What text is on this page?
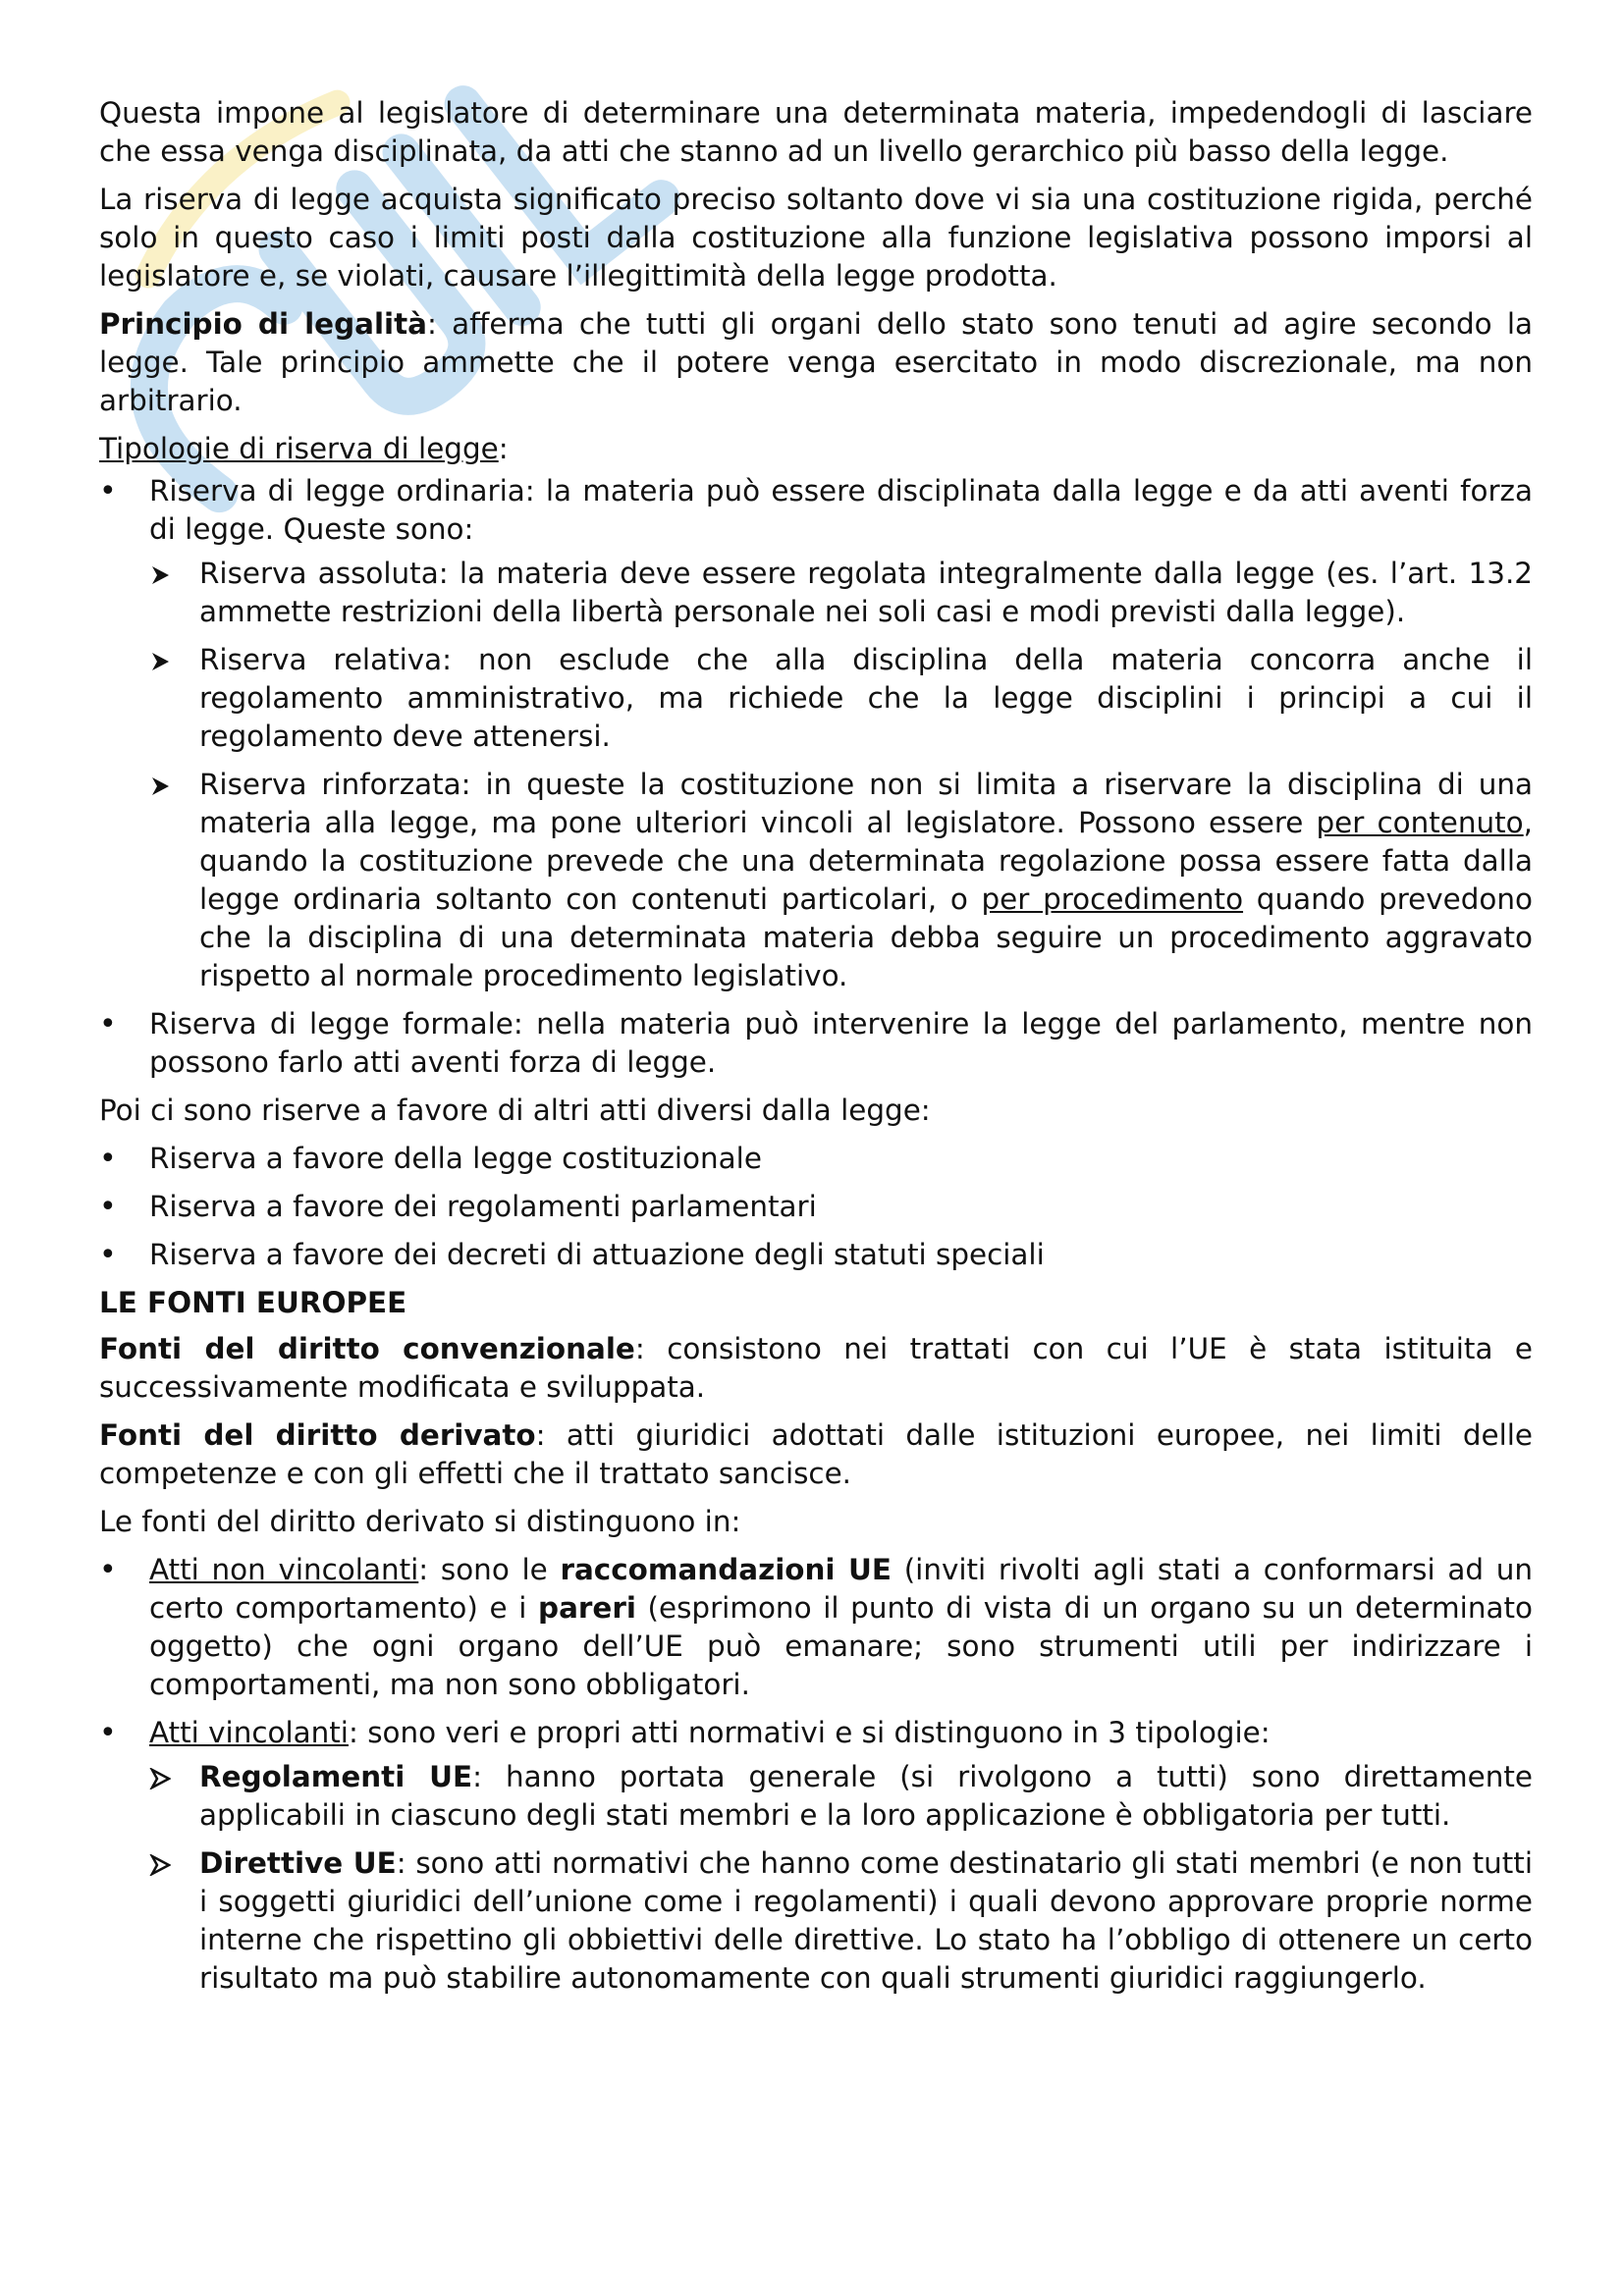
Questa impone al legislatore di determinare una determinata materia, impedendogli di lasciare che essa venga disciplinata, da atti che stanno ad un livello gerarchico più basso della legge.

La riserva di legge acquista significato preciso soltanto dove vi sia una costituzione rigida, perché solo in questo caso i limiti posti dalla costituzione alla funzione legislativa possono imporsi al legislatore e, se violati, causare l’illegittimità della legge prodotta.

Principio di legalità: afferma che tutti gli organi dello stato sono tenuti ad agire secondo la legge. Tale principio ammette che il potere venga esercitato in modo discrezionale, ma non arbitrario.

Tipologie di riserva di legge:

•	Riserva di legge ordinaria: la materia può essere disciplinata dalla legge e da atti aventi forza di legge. Queste sono:
Riserva assoluta: la materia deve essere regolata integralmente dalla legge (es. l’art. 13.2 ammette restrizioni della libertà personale nei soli casi e modi previsti dalla legge).
Riserva relativa: non esclude che alla disciplina della materia concorra anche il regolamento amministrativo, ma richiede che la legge disciplini i principi a cui il regolamento deve attenersi.
Riserva rinforzata: in queste la costituzione non si limita a riservare la disciplina di una materia alla legge, ma pone ulteriori vincoli al legislatore. Possono essere per contenuto, quando la costituzione prevede che una determinata regolazione possa essere fatta dalla legge ordinaria soltanto con contenuti particolari, o per procedimento quando prevedono che la disciplina di una determinata materia debba seguire un procedimento aggravato rispetto al normale procedimento legislativo.
•	Riserva di legge formale: nella materia può intervenire la legge del parlamento, mentre non possono farlo atti aventi forza di legge.

Poi ci sono riserve a favore di altri atti diversi dalla legge:

•	Riserva a favore della legge costituzionale
•	Riserva a favore dei regolamenti parlamentari
•	Riserva a favore dei decreti di attuazione degli statuti speciali

LE FONTI EUROPEE

Fonti del diritto convenzionale: consistono nei trattati con cui l’UE è stata istituita e successivamente modificata e sviluppata.

Fonti del diritto derivato: atti giuridici adottati dalle istituzioni europee, nei limiti delle competenze e con gli effetti che il trattato sancisce.

Le fonti del diritto derivato si distinguono in:

•	Atti non vincolanti: sono le raccomandazioni UE (inviti rivolti agli stati a conformarsi ad un certo comportamento) e i pareri (esprimono il punto di vista di un organo su un determinato oggetto) che ogni organo dell’UE può emanare; sono strumenti utili per indirizzare i comportamenti, ma non sono obbligatori.
•	Atti vincolanti: sono veri e propri atti normativi e si distinguono in 3 tipologie:
Regolamenti UE: hanno portata generale (si rivolgono a tutti) sono direttamente applicabili in ciascuno degli stati membri e la loro applicazione è obbligatoria per tutti.
Direttive UE: sono atti normativi che hanno come destinatario gli stati membri (e non tutti i soggetti giuridici dell’unione come i regolamenti) i quali devono approvare proprie norme interne che rispettino gli obbiettivi delle direttive. Lo stato ha l’obbligo di ottenere un certo risultato ma può stabilire autonomamente con quali strumenti giuridici raggiungerlo.
